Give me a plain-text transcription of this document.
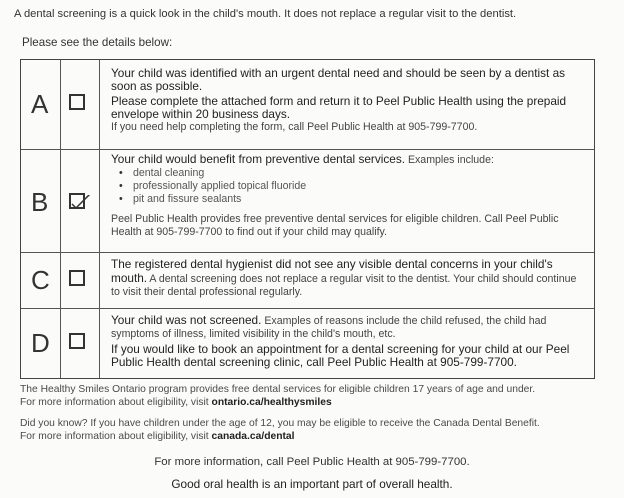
A dental screening is a quick look in the child's mouth. It does not replace a regular visit to the dentist.
Please see the details below:
A

Your child was identified with an urgent dental need and should be seen by a dentist as soon as possible.

Please complete the attached form and return it to Peel Public Health using the prepaid envelope within 20 business days.

If you need help completing the form, call Peel Public Health at 905-799-7700.

B

Your child would benefit from preventive dental services. Examples include:

• dental cleaning
• professionally applied topical fluoride
• pit and fissure sealants

Peel Public Health provides free preventive dental services for eligible children. Call Peel Public Health at 905-799-7700 to find out if your child may qualify.

C

The registered dental hygienist did not see any visible dental concerns in your child's mouth. A dental screening does not replace a regular visit to the dentist. Your child should continue to visit their dental professional regularly.

D

Your child was not screened. Examples of reasons include the child refused, the child had symptoms of illness, limited visibility in the child's mouth, etc.

If you would like to book an appointment for a dental screening for your child at our Peel Public Health dental screening clinic, call Peel Public Health at 905-799-7700.

The Healthy Smiles Ontario program provides free dental services for eligible children 17 years of age and under.
For more information about eligibility, visit ontario.ca/healthysmiles
Did you know? If you have children under the age of 12, you may be eligible to receive the Canada Dental Benefit.
For more information about eligibility, visit canada.ca/dental
For more information, call Peel Public Health at 905-799-7700.
Good oral health is an important part of overall health.
